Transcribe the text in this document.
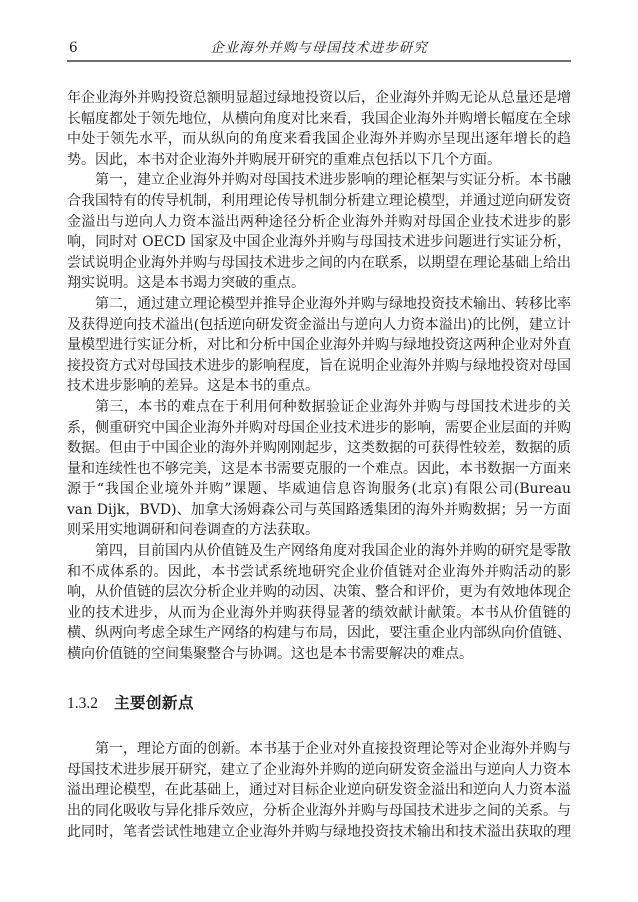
6	企业海外并购与母国技术进步研究

年企业海外并购投资总额明显超过绿地投资以后，企业海外并购无论从总量还是增长幅度都处于领先地位，从横向角度对比来看，我国企业海外并购增长幅度在全球中处于领先水平，而从纵向的角度来看我国企业海外并购亦呈现出逐年增长的趋势。因此，本书对企业海外并购展开研究的重难点包括以下几个方面。

第一，建立企业海外并购对母国技术进步影响的理论框架与实证分析。本书融合我国特有的传导机制，利用理论传导机制分析建立理论模型，并通过逆向研发资金溢出与逆向人力资本溢出两种途径分析企业海外并购对母国企业技术进步的影响，同时对 OECD 国家及中国企业海外并购与母国技术进步问题进行实证分析，尝试说明企业海外并购与母国技术进步之间的内在联系，以期望在理论基础上给出翔实说明。这是本书竭力突破的重点。

第二，通过建立理论模型并推导企业海外并购与绿地投资技术输出、转移比率及获得逆向技术溢出(包括逆向研发资金溢出与逆向人力资本溢出)的比例，建立计量模型进行实证分析，对比和分析中国企业海外并购与绿地投资这两种企业对外直接投资方式对母国技术进步的影响程度，旨在说明企业海外并购与绿地投资对母国技术进步影响的差异。这是本书的重点。

第三，本书的难点在于利用何种数据验证企业海外并购与母国技术进步的关系，侧重研究中国企业海外并购对母国企业技术进步的影响，需要企业层面的并购数据。但由于中国企业的海外并购刚刚起步，这类数据的可获得性较差，数据的质量和连续性也不够完美，这是本书需要克服的一个难点。因此，本书数据一方面来源于“我国企业境外并购”课题、毕威迪信息咨询服务(北京)有限公司(Bureau van Dijk，BVD)、加拿大汤姆森公司与英国路透集团的海外并购数据；另一方面则采用实地调研和问卷调查的方法获取。

第四，目前国内从价值链及生产网络角度对我国企业的海外并购的研究是零散和不成体系的。因此，本书尝试系统地研究企业价值链对企业海外并购活动的影响，从价值链的层次分析企业并购的动因、决策、整合和评价，更为有效地体现企业的技术进步，从而为企业海外并购获得显著的绩效献计献策。本书从价值链的横、纵两向考虑全球生产网络的构建与布局，因此，要注重企业内部纵向价值链、横向价值链的空间集聚整合与协调。这也是本书需要解决的难点。

1.3.2 主要创新点

第一，理论方面的创新。本书基于企业对外直接投资理论等对企业海外并购与母国技术进步展开研究，建立了企业海外并购的逆向研发资金溢出与逆向人力资本溢出理论模型，在此基础上，通过对目标企业逆向研发资金溢出和逆向人力资本溢出的同化吸收与异化排斥效应，分析企业海外并购与母国技术进步之间的关系。与此同时，笔者尝试性地建立企业海外并购与绿地投资技术输出和技术溢出获取的理
